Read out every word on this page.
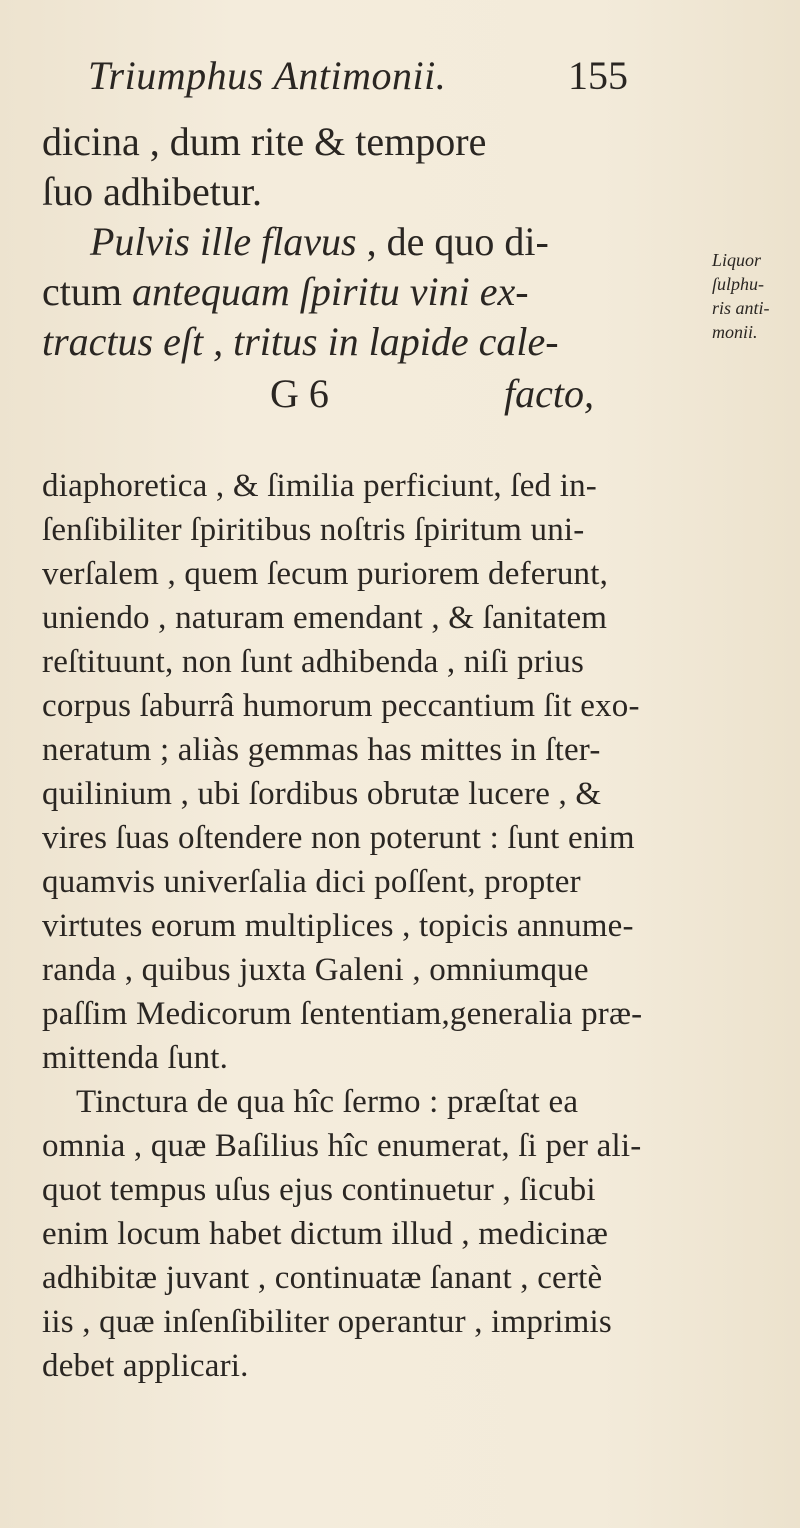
Triumphus Antimonii.	155
dicina , dum rite & tempore
ſuo adhibetur.
Pulvis ille flavus , de quo di-
ctum antequam ſpiritu vini ex-
tractus eſt , tritus in lapide cale-
G 6	facto,
Liquor
ſulphu-
ris anti-
monii.
diaphoretica , & ſimilia perficiunt, ſed in-
ſenſibiliter ſpiritibus noſtris ſpiritum uni-
verſalem , quem ſecum puriorem deferunt,
uniendo , naturam emendant , & ſanitatem
reſtituunt, non ſunt adhibenda , niſi prius
corpus ſaburrâ humorum peccantium ſit exo-
neratum ; aliàs gemmas has mittes in ſter-
quilinium , ubi ſordibus obrutæ lucere , &
vires ſuas oſtendere non poterunt : ſunt enim
quamvis univerſalia dici poſſent, propter
virtutes eorum multiplices , topicis annume-
randa , quibus juxta Galeni , omniumque
paſſim Medicorum ſententiam,generalia præ-
mittenda ſunt.
Tinctura de qua hîc ſermo : præſtat ea
omnia , quæ Baſilius hîc enumerat, ſi per ali-
quot tempus uſus ejus continuetur , ſicubi
enim locum habet dictum illud , medicinæ
adhibitæ juvant , continuatæ ſanant , certè
iis , quæ inſenſibiliter operantur , imprimis
debet applicari.
